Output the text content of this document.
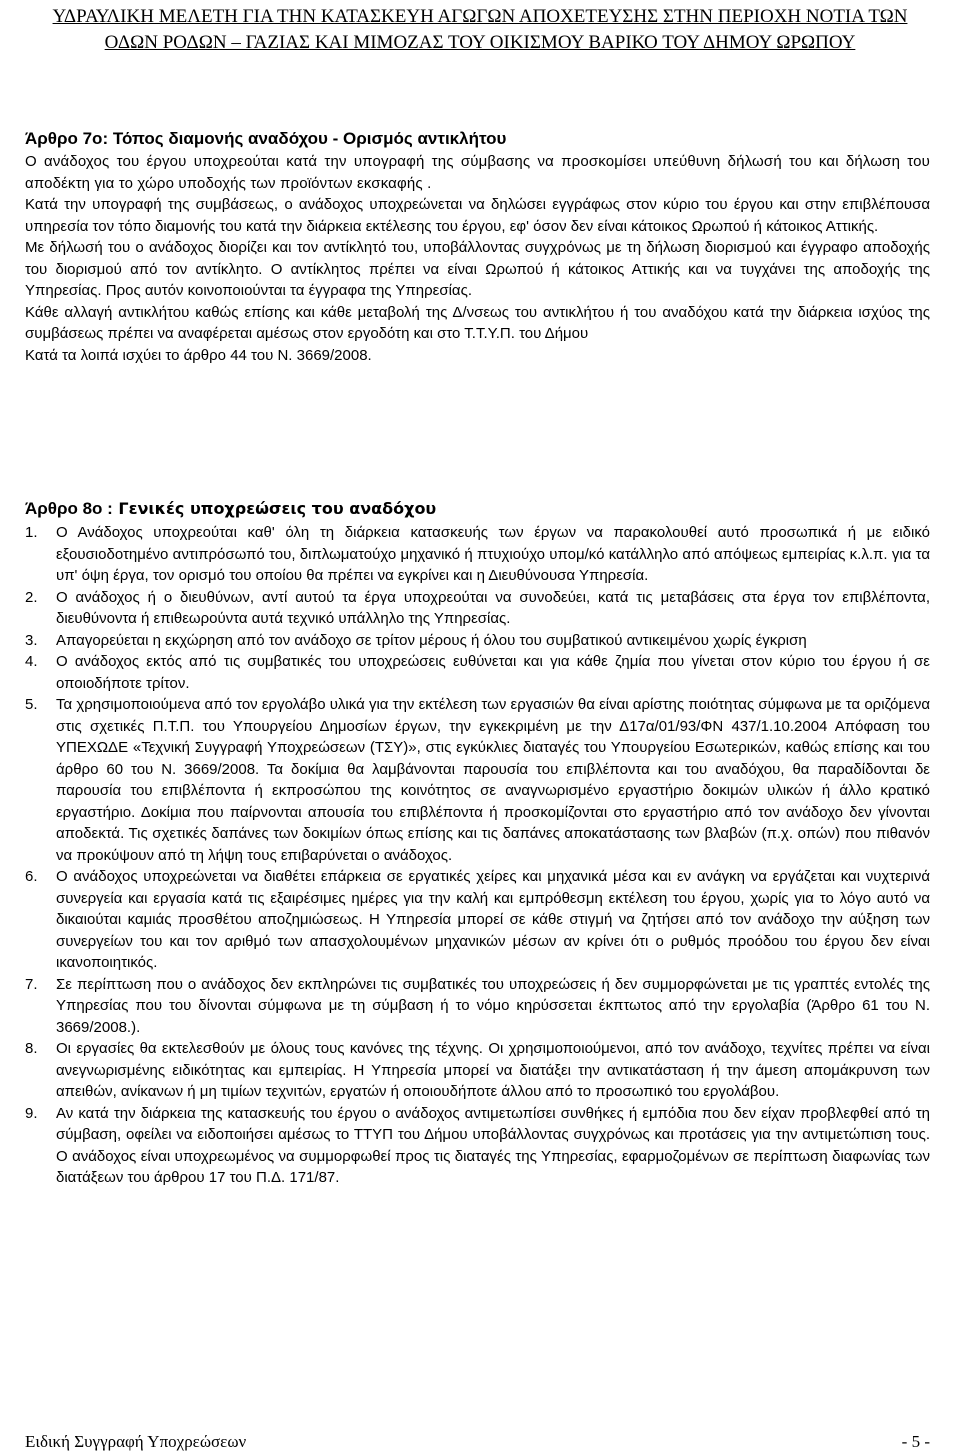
ΥΔΡΑΥΛΙΚΗ ΜΕΛΕΤΗ ΓΙΑ ΤΗΝ ΚΑΤΑΣΚΕΥΗ ΑΓΩΓΩΝ ΑΠΟΧΕΤΕΥΣΗΣ ΣΤΗΝ ΠΕΡΙΟΧΗ ΝΟΤΙΑ ΤΩΝ
ΟΔΩΝ ΡΟΔΩΝ – ΓΑΖΙΑΣ ΚΑΙ ΜΙΜΟΖΑΣ ΤΟΥ ΟΙΚΙΣΜΟΥ ΒΑΡΙΚΟ ΤΟΥ ΔΗΜΟΥ ΩΡΩΠΟΥ
Άρθρο 7ο: Τόπος διαμονής αναδόχου - Ορισμός αντικλήτου

Ο ανάδοχος του έργου υποχρεούται κατά την υπογραφή της σύμβασης να προσκομίσει υπεύθυνη δήλωσή του και δήλωση του αποδέκτη για το χώρο υποδοχής των προϊόντων εκσκαφής .

Κατά την υπογραφή της συμβάσεως, ο ανάδοχος υποχρεώνεται να δηλώσει εγγράφως στον κύριο του έργου και στην επιβλέπουσα υπηρεσία τον τόπο διαμονής του κατά την διάρκεια εκτέλεσης του έργου, εφ' όσον δεν είναι κάτοικος Ωρωπού ή κάτοικος Αττικής.

Με δήλωσή του ο ανάδοχος διορίζει και τον αντίκλητό του, υποβάλλοντας συγχρόνως με τη δήλωση διορισμού και έγγραφο αποδοχής του διορισμού από τον αντίκλητο. Ο αντίκλητος πρέπει να είναι Ωρωπού ή κάτοικος Αττικής και να τυγχάνει της αποδοχής της Υπηρεσίας. Προς αυτόν κοινοποιούνται τα έγγραφα της Υπηρεσίας.

Κάθε αλλαγή αντικλήτου καθώς επίσης και κάθε μεταβολή της Δ/νσεως του αντικλήτου ή του αναδόχου κατά την διάρκεια ισχύος της συμβάσεως πρέπει να αναφέρεται αμέσως στον εργοδότη και στο Τ.Τ.Υ.Π. του Δήμου

Κατά τα λοιπά ισχύει το άρθρο 44 του Ν. 3669/2008.

Άρθρο 8ο : Γενικές υποχρεώσεις του αναδόχου
1.	Ο Ανάδοχος υποχρεούται καθ' όλη τη διάρκεια κατασκευής των έργων να παρακολουθεί αυτό προσωπικά ή με ειδικό εξουσιοδοτημένο αντιπρόσωπό του, διπλωματούχο μηχανικό ή πτυχιούχο υπομ/κό κατάλληλο από απόψεως εμπειρίας κ.λ.π. για τα υπ' όψη έργα, τον ορισμό του οποίου θα πρέπει να εγκρίνει και η Διευθύνουσα Υπηρεσία.
2.	Ο ανάδοχος ή ο διευθύνων, αντί αυτού τα έργα υποχρεούται να συνοδεύει, κατά τις μεταβάσεις στα έργα τον επιβλέποντα, διευθύνοντα ή επιθεωρούντα αυτά τεχνικό υπάλληλο της Υπηρεσίας.
3.	Απαγορεύεται η εκχώρηση από τον ανάδοχο σε τρίτον μέρους ή όλου του συμβατικού αντικειμένου χωρίς έγκριση
4.	Ο ανάδοχος εκτός από τις συμβατικές του υποχρεώσεις ευθύνεται και για κάθε ζημία που γίνεται στον κύριο του έργου ή σε οποιοδήποτε τρίτον.
5.	Τα χρησιμοποιούμενα από τον εργολάβο υλικά για την εκτέλεση των εργασιών θα είναι αρίστης ποιότητας σύμφωνα με τα οριζόμενα στις σχετικές Π.Τ.Π. του Υπουργείου Δημοσίων έργων, την εγκεκριμένη με την Δ17α/01/93/ΦΝ 437/1.10.2004 Απόφαση του ΥΠΕΧΩΔΕ «Τεχνική Συγγραφή Υποχρεώσεων (ΤΣΥ)», στις εγκύκλιες διαταγές του Υπουργείου Εσωτερικών, καθώς επίσης και του άρθρο 60 του Ν. 3669/2008. Τα δοκίμια θα λαμβάνονται παρουσία του επιβλέποντα και του αναδόχου, θα παραδίδονται δε παρουσία του επιβλέποντα ή εκπροσώπου της κοινότητος σε αναγνωρισμένο εργαστήριο δοκιμών υλικών ή άλλο κρατικό εργαστήριο. Δοκίμια που παίρνονται απουσία του επιβλέποντα ή προσκομίζονται στο εργαστήριο από τον ανάδοχο δεν γίνονται αποδεκτά. Τις σχετικές δαπάνες των δοκιμίων όπως επίσης και τις δαπάνες αποκατάστασης των βλαβών (π.χ. οπών) που πιθανόν να προκύψουν από τη λήψη τους επιβαρύνεται ο ανάδοχος.
6.	Ο ανάδοχος υποχρεώνεται να διαθέτει επάρκεια σε εργατικές χείρες και μηχανικά μέσα και εν ανάγκη να εργάζεται και νυχτερινά συνεργεία και εργασία κατά τις εξαιρέσιμες ημέρες για την καλή και εμπρόθεσμη εκτέλεση του έργου, χωρίς για το λόγο αυτό να δικαιούται καμιάς προσθέτου αποζημιώσεως. Η Υπηρεσία μπορεί σε κάθε στιγμή να ζητήσει από τον ανάδοχο την αύξηση των συνεργείων του και τον αριθμό των απασχολουμένων μηχανικών μέσων αν κρίνει ότι ο ρυθμός προόδου του έργου δεν είναι ικανοποιητικός.
7.	Σε περίπτωση που ο ανάδοχος δεν εκπληρώνει τις συμβατικές του υποχρεώσεις ή δεν συμμορφώνεται με τις γραπτές εντολές της Υπηρεσίας που του δίνονται σύμφωνα με τη σύμβαση ή το νόμο κηρύσσεται έκπτωτος από την εργολαβία (Άρθρο 61 του Ν. 3669/2008.).
8.	Οι εργασίες θα εκτελεσθούν με όλους τους κανόνες της τέχνης. Οι χρησιμοποιούμενοι, από τον ανάδοχο, τεχνίτες πρέπει να είναι ανεγνωρισμένης ειδικότητας και εμπειρίας. Η Υπηρεσία μπορεί να διατάξει την αντικατάσταση ή την άμεση απομάκρυνση των απειθών, ανίκανων ή μη τιμίων τεχνιτών, εργατών ή οποιουδήποτε άλλου από το προσωπικό του εργολάβου.
9.	Αν κατά την διάρκεια της κατασκευής του έργου ο ανάδοχος αντιμετωπίσει συνθήκες ή εμπόδια που δεν είχαν προβλεφθεί από τη σύμβαση, οφείλει να ειδοποιήσει αμέσως το ΤΤΥΠ του Δήμου υποβάλλοντας συγχρόνως και προτάσεις για την αντιμετώπιση τους. Ο ανάδοχος είναι υποχρεωμένος να συμμορφωθεί προς τις διαταγές της Υπηρεσίας, εφαρμοζομένων σε περίπτωση διαφωνίας των διατάξεων του άρθρου 17 του Π.Δ. 171/87.
Ειδική Συγγραφή Υποχρεώσεων	- 5 -
